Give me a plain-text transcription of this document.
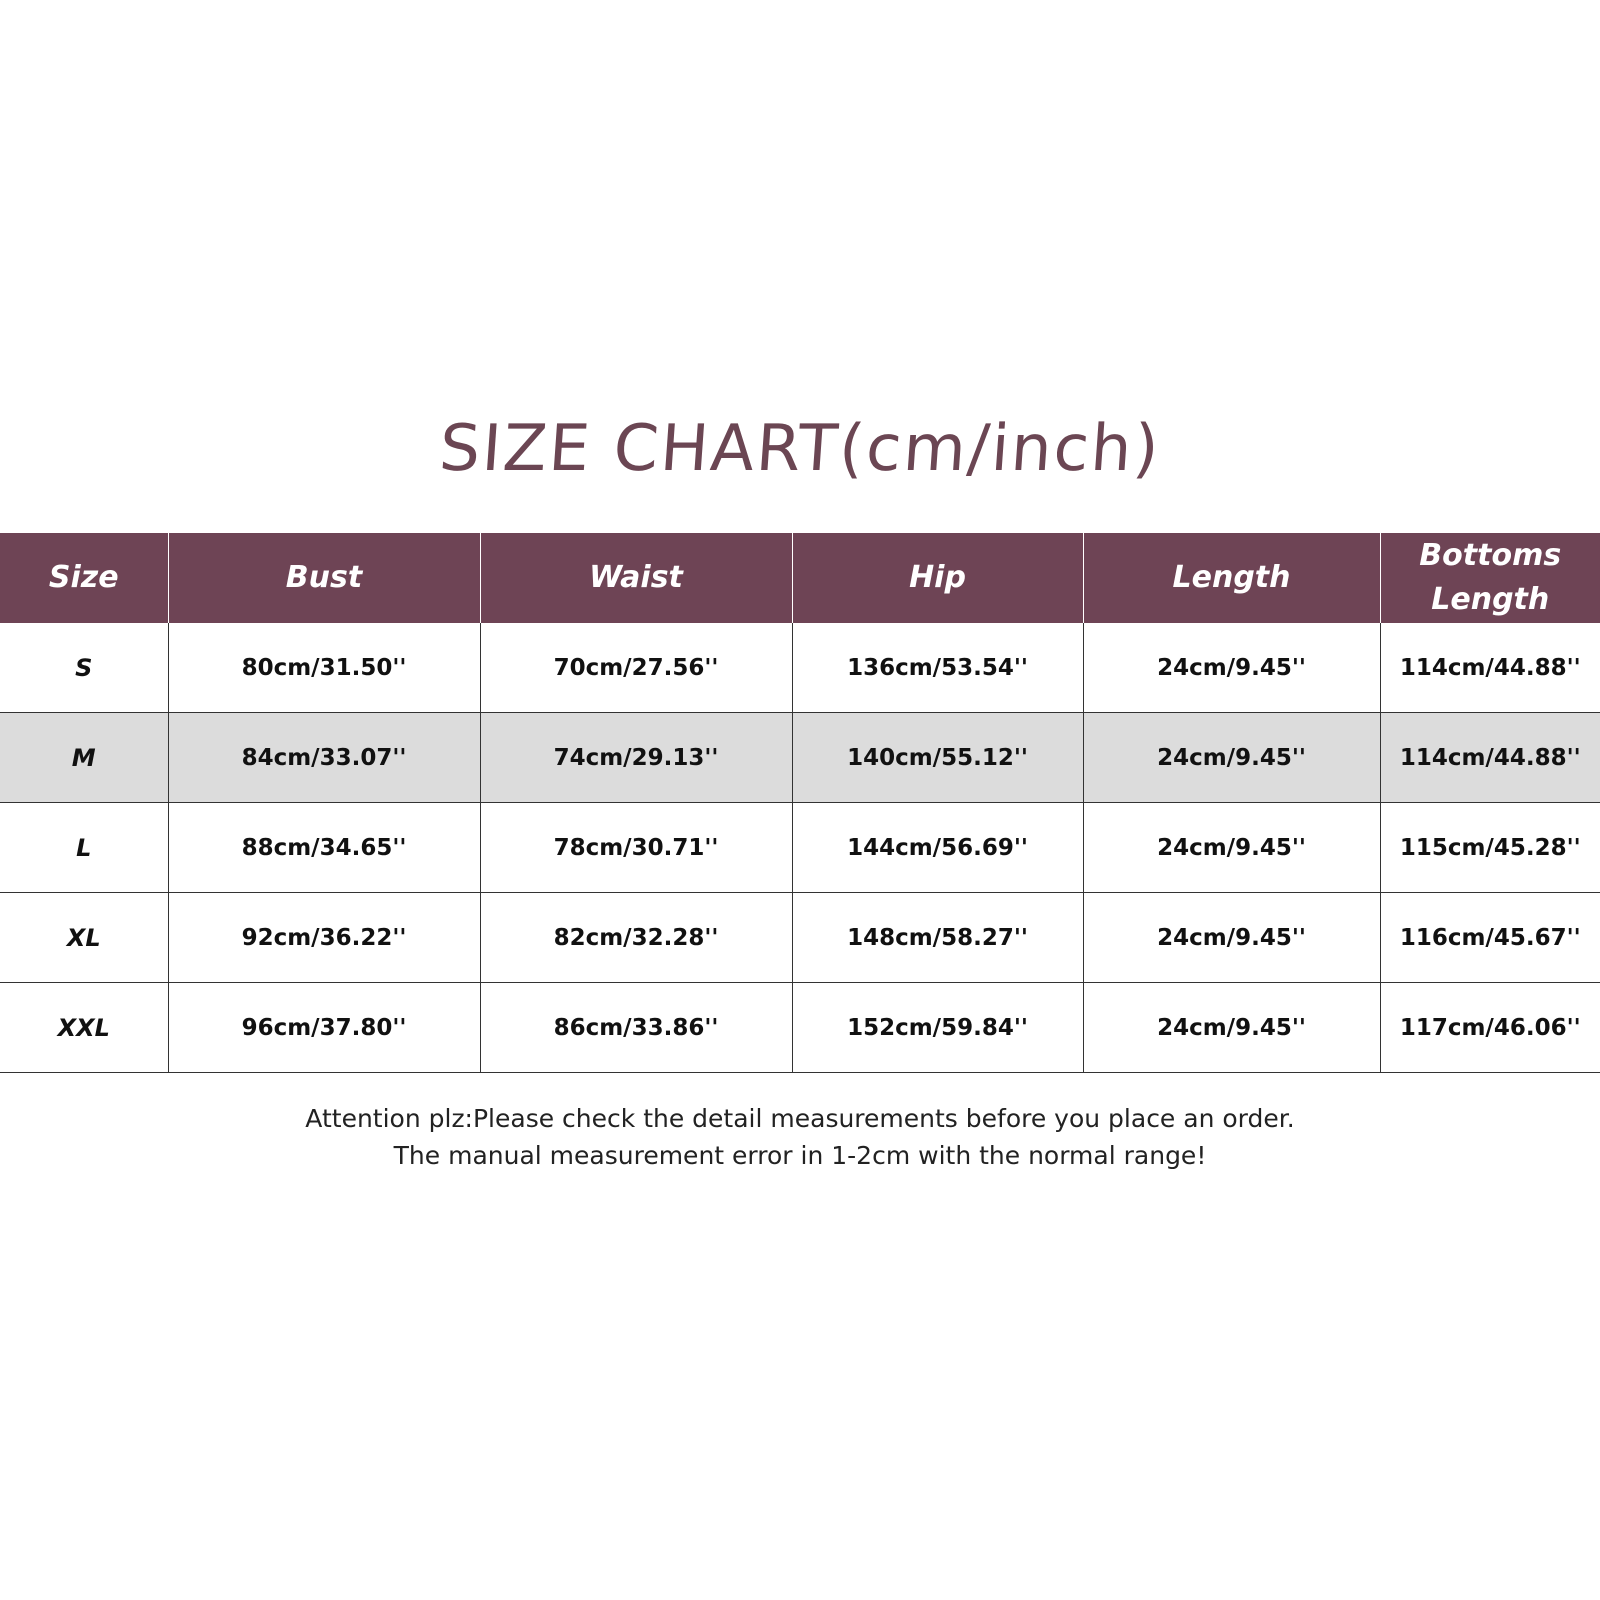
SIZE CHART(cm/inch)
Size	Bust	Waist	Hip	Length	Bottoms
Length

S	80cm/31.50''	70cm/27.56''	136cm/53.54''	24cm/9.45''	114cm/44.88''
M	84cm/33.07''	74cm/29.13''	140cm/55.12''	24cm/9.45''	114cm/44.88''
L	88cm/34.65''	78cm/30.71''	144cm/56.69''	24cm/9.45''	115cm/45.28''
XL	92cm/36.22''	82cm/32.28''	148cm/58.27''	24cm/9.45''	116cm/45.67''
XXL	96cm/37.80''	86cm/33.86''	152cm/59.84''	24cm/9.45''	117cm/46.06''
Attention plz:Please check the detail measurements before you place an order.
The manual measurement error in 1-2cm with the normal range!
